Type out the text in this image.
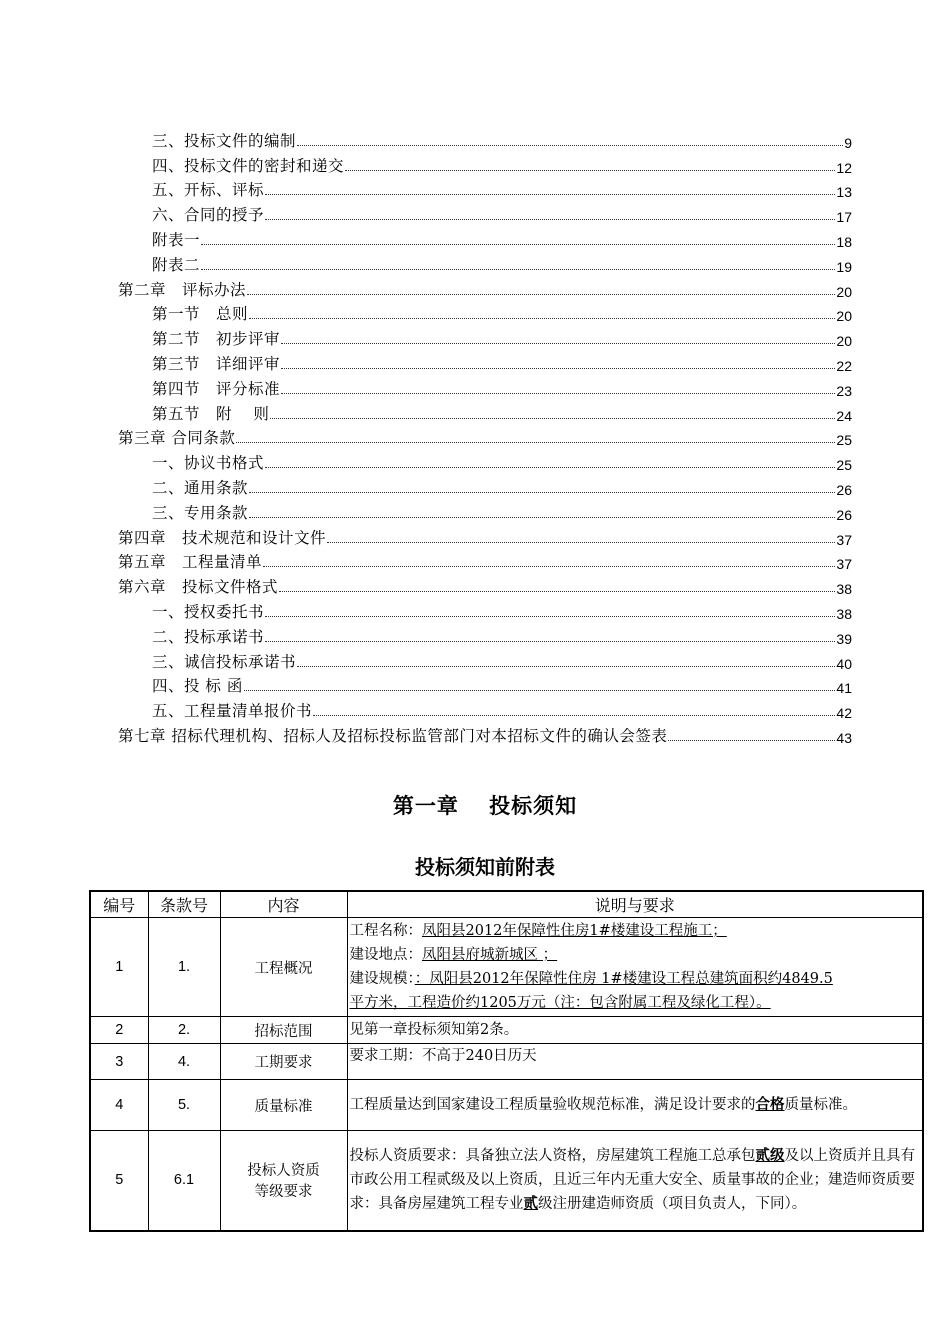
三、投标文件的编制	9
四、投标文件的密封和递交	12
五、开标、评标	13
六、合同的授予	17
附表一	18
附表二	19
第二章　评标办法	20
第一节　总则	20
第二节　初步评审	20
第三节　详细评审	22
第四节　评分标准	23
第五节　附　 则	24
第三章 合同条款	25
一、协议书格式	25
二、通用条款	26
三、专用条款	26
第四章　技术规范和设计文件	37
第五章　工程量清单	37
第六章　投标文件格式	38
一、授权委托书	38
二、投标承诺书	39
三、诚信投标承诺书	40
四、投 标 函	41
五、工程量清单报价书	42
第七章 招标代理机构、招标人及招标投标监管部门对本招标文件的确认会签表	43
第一章　 投标须知
投标须知前附表
编号	条款号	内容	说明与要求
1	1.	工程概况	工程名称：凤阳县2012年保障性住房1#楼建设工程施工；
建设地点：凤阳县府城新城区 ；
建设规模：：凤阳县2012年保障性住房 1#楼建设工程总建筑面积约4849.5
平方米，工程造价约1205万元（注：包含附属工程及绿化工程）。

2	2.	招标范围	见第一章投标须知第2条。
3	4.	工期要求	要求工期：不高于240日历天
4	5.	质量标准	工程质量达到国家建设工程质量验收规范标准，满足设计要求的合格质量标准。
5	6.1	投标人资质
等级要求	投标人资质要求：具备独立法人资格，房屋建筑工程施工总承包贰级及以上资质并且具有市政公用工程贰级及以上资质，且近三年内无重大安全、质量事故的企业；建造师资质要求：具备房屋建筑工程专业贰级注册建造师资质（项目负责人，下同）。
